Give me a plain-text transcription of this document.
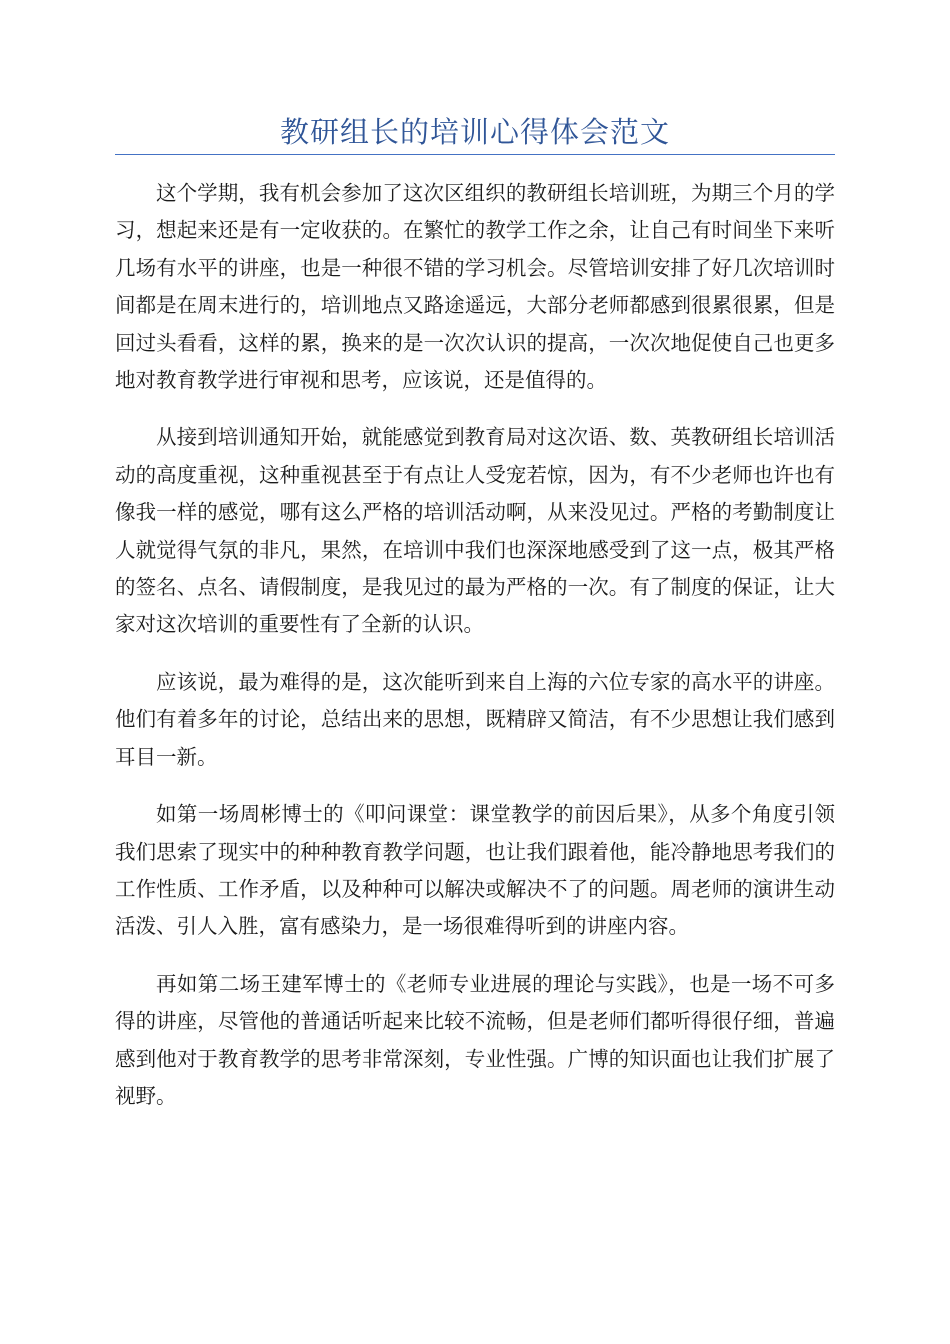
教研组长的培训心得体会范文

这个学期，我有机会参加了这次区组织的教研组长培训班，为期三个月的学习，想起来还是有一定收获的。在繁忙的教学工作之余，让自己有时间坐下来听几场有水平的讲座，也是一种很不错的学习机会。尽管培训安排了好几次培训时间都是在周末进行的，培训地点又路途遥远，大部分老师都感到很累很累，但是回过头看看，这样的累，换来的是一次次认识的提高，一次次地促使自己也更多地对教育教学进行审视和思考，应该说，还是值得的。

从接到培训通知开始，就能感觉到教育局对这次语、数、英教研组长培训活动的高度重视，这种重视甚至于有点让人受宠若惊，因为，有不少老师也许也有像我一样的感觉，哪有这么严格的培训活动啊，从来没见过。严格的考勤制度让人就觉得气氛的非凡，果然，在培训中我们也深深地感受到了这一点，极其严格的签名、点名、请假制度，是我见过的最为严格的一次。有了制度的保证，让大家对这次培训的重要性有了全新的认识。

应该说，最为难得的是，这次能听到来自上海的六位专家的高水平的讲座。他们有着多年的讨论，总结出来的思想，既精辟又简洁，有不少思想让我们感到耳目一新。

如第一场周彬博士的《叩问课堂：课堂教学的前因后果》，从多个角度引领我们思索了现实中的种种教育教学问题，也让我们跟着他，能冷静地思考我们的工作性质、工作矛盾，以及种种可以解决或解决不了的问题。周老师的演讲生动活泼、引人入胜，富有感染力，是一场很难得听到的讲座内容。

再如第二场王建军博士的《老师专业进展的理论与实践》，也是一场不可多得的讲座，尽管他的普通话听起来比较不流畅，但是老师们都听得很仔细，普遍感到他对于教育教学的思考非常深刻，专业性强。广博的知识面也让我们扩展了视野。
